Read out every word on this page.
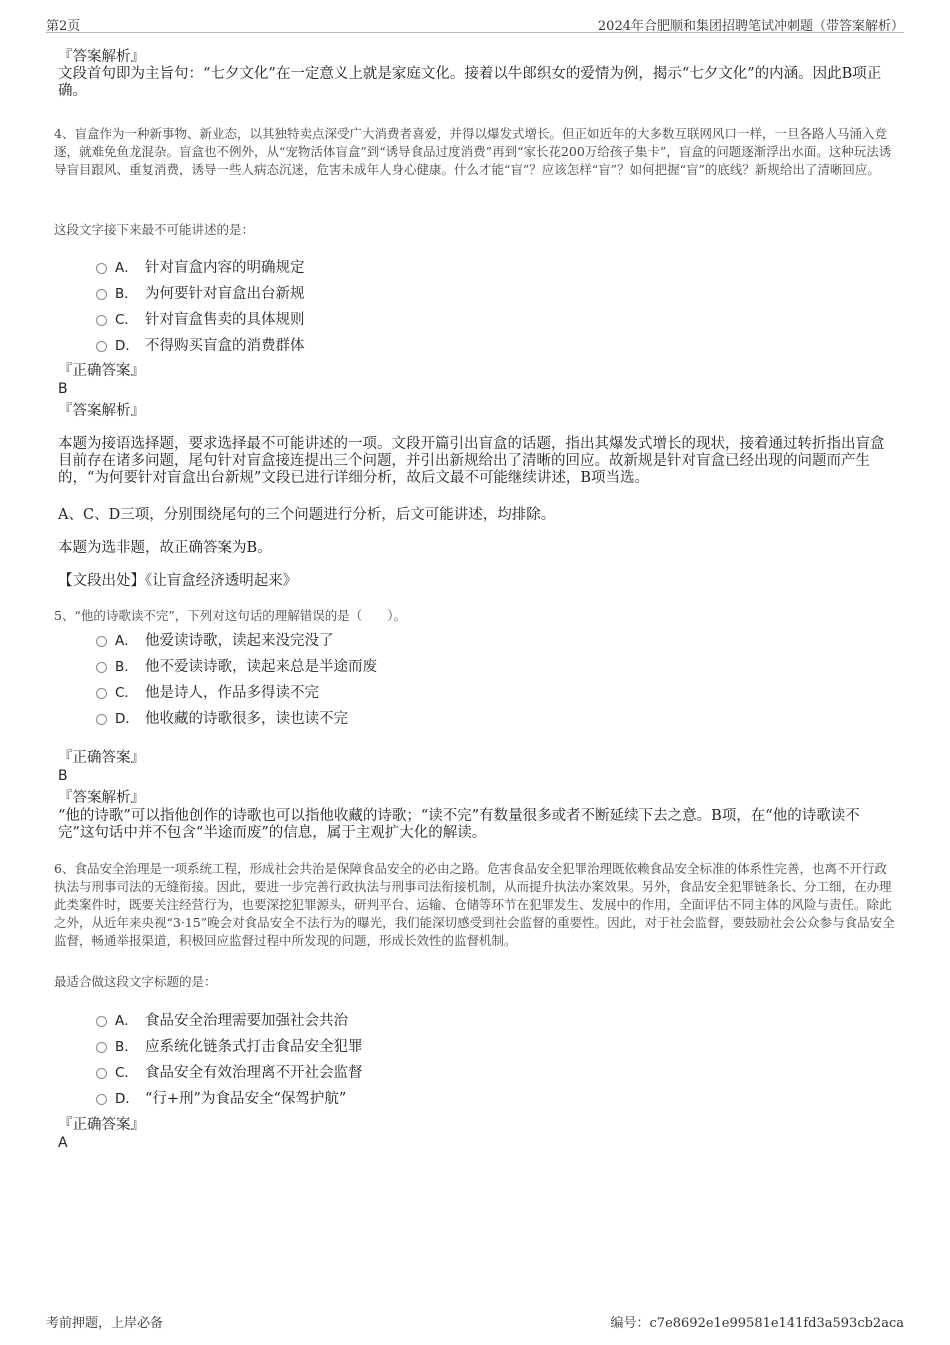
第2页	2024年合肥顺和集团招聘笔试冲刺题（带答案解析）
『答案解析』
文段首句即为主旨句：“七夕文化”在一定意义上就是家庭文化。接着以牛郎织女的爱情为例，揭示“七夕文化”的内涵。因此B项正确。
4、盲盒作为一种新事物、新业态，以其独特卖点深受广大消费者喜爱，并得以爆发式增长。但正如近年的大多数互联网风口一样，一旦各路人马涌入竞逐，就难免鱼龙混杂。盲盒也不例外，从“宠物活体盲盒”到“诱导食品过度消费”再到“家长花200万给孩子集卡”，盲盒的问题逐渐浮出水面。这种玩法诱导盲目跟风、重复消费，诱导一些人病态沉迷，危害未成年人身心健康。什么才能“盲”？应该怎样“盲”？如何把握“盲”的底线？新规给出了清晰回应。
这段文字接下来最不可能讲述的是：
A． 针对盲盒内容的明确规定
B． 为何要针对盲盒出台新规
C． 针对盲盒售卖的具体规则
D． 不得购买盲盒的消费群体
『正确答案』
B
『答案解析』
本题为接语选择题，要求选择最不可能讲述的一项。文段开篇引出盲盒的话题，指出其爆发式增长的现状，接着通过转折指出盲盒目前存在诸多问题，尾句针对盲盒接连提出三个问题，并引出新规给出了清晰的回应。故新规是针对盲盒已经出现的问题而产生的，“为何要针对盲盒出台新规”文段已进行详细分析，故后文最不可能继续讲述，B项当选。
A、C、D三项，分别围绕尾句的三个问题进行分析，后文可能讲述，均排除。
本题为选非题，故正确答案为B。
【文段出处】《让盲盒经济透明起来》
5、“他的诗歌读不完”，下列对这句话的理解错误的是（　　）。
A． 他爱读诗歌，读起来没完没了
B． 他不爱读诗歌，读起来总是半途而废
C． 他是诗人，作品多得读不完
D． 他收藏的诗歌很多，读也读不完
『正确答案』
B
『答案解析』
“他的诗歌”可以指他创作的诗歌也可以指他收藏的诗歌；“读不完”有数量很多或者不断延续下去之意。B项，在“他的诗歌读不完”这句话中并不包含“半途而废”的信息，属于主观扩大化的解读。
6、食品安全治理是一项系统工程，形成社会共治是保障食品安全的必由之路。危害食品安全犯罪治理既依赖食品安全标准的体系性完善，也离不开行政执法与刑事司法的无缝衔接。因此，要进一步完善行政执法与刑事司法衔接机制，从而提升执法办案效果。另外，食品安全犯罪链条长、分工细，在办理此类案件时，既要关注经营行为，也要深挖犯罪源头，研判平台、运输、仓储等环节在犯罪发生、发展中的作用，全面评估不同主体的风险与责任。除此之外，从近年来央视“3·15”晚会对食品安全不法行为的曝光，我们能深切感受到社会监督的重要性。因此，对于社会监督，要鼓励社会公众参与食品安全监督，畅通举报渠道，积极回应监督过程中所发现的问题，形成长效性的监督机制。
最适合做这段文字标题的是：
A． 食品安全治理需要加强社会共治
B． 应系统化链条式打击食品安全犯罪
C． 食品安全有效治理离不开社会监督
D． “行+刑”为食品安全“保驾护航”
『正确答案』
A
考前押题，上岸必备	编号：c7e8692e1e99581e141fd3a593cb2aca
